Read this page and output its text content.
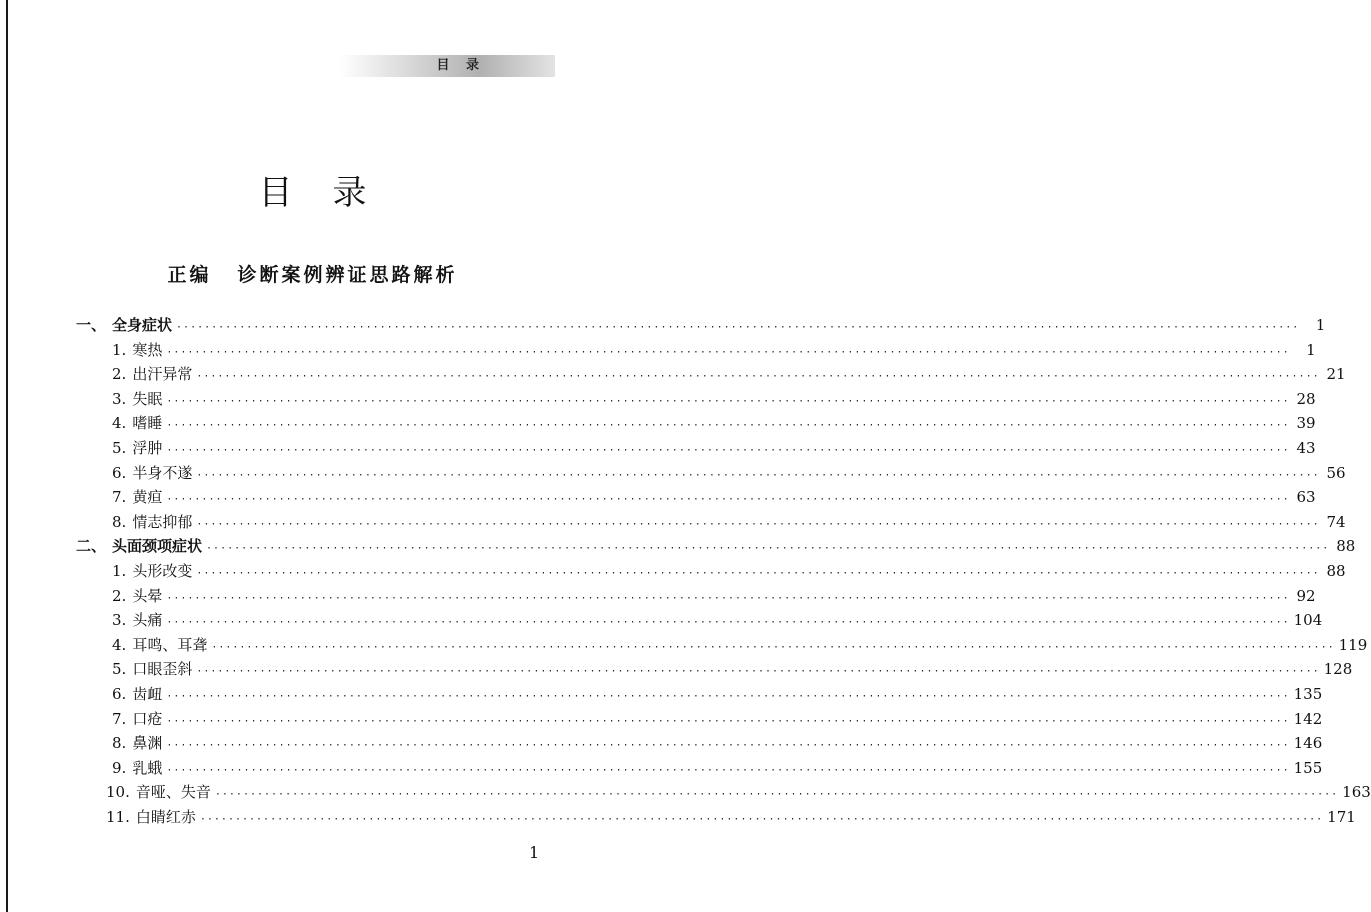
目 录
目录
正编 诊断案例辨证思路解析
一、 全身症状 ································································································································································	1
1. 寒热 ································································································································································	1
2. 出汗异常 ································································································································································ 21
3. 失眠 ································································································································································ 28
4. 嗜睡 ································································································································································ 39
5. 浮肿 ································································································································································ 43
6. 半身不遂 ································································································································································ 56
7. 黄疸 ································································································································································ 63
8. 情志抑郁 ································································································································································ 74
二、 头面颈项症状 ································································································································································ 88
1. 头形改变 ································································································································································ 88
2. 头晕 ································································································································································ 92
3. 头痛 ································································································································································ 104
4. 耳鸣、耳聋 ································································································································································ 119
5. 口眼歪斜 ································································································································································ 128
6. 齿衄 ································································································································································ 135
7. 口疮 ································································································································································ 142
8. 鼻渊 ································································································································································ 146
9. 乳蛾 ································································································································································ 155
10. 音哑、失音 ································································································································································ 163
11. 白睛红赤 ································································································································································ 171
1
